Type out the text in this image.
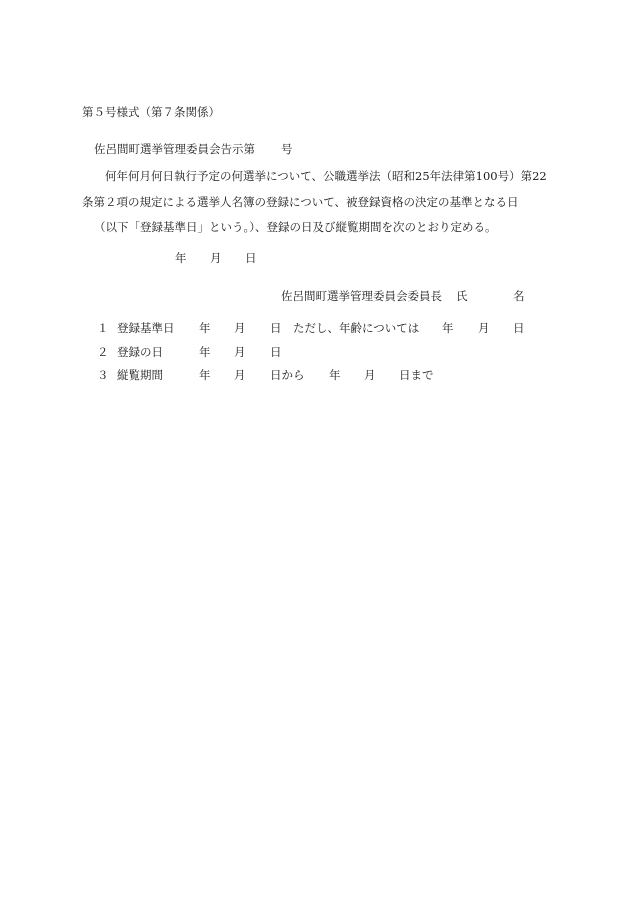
第５号様式（第７条関係）
佐呂間町選挙管理委員会告示第 号
何年何月何日執行予定の何選挙について、公職選挙法（昭和25年法律第100号）第22
条第２項の規定による選挙人名簿の登録について、被登録資格の決定の基準となる日
（以下「登録基準日」という。）、登録の日及び縦覧期間を次のとおり定める。
年 月 日
佐呂間町選挙管理委員会委員長 氏	名
１ 登録基準日 年 月 日 ただし、年齢については 年 月 日
２ 登録の日	年 月 日
３ 縦覧期間	年 月 日から 年 月 日まで
